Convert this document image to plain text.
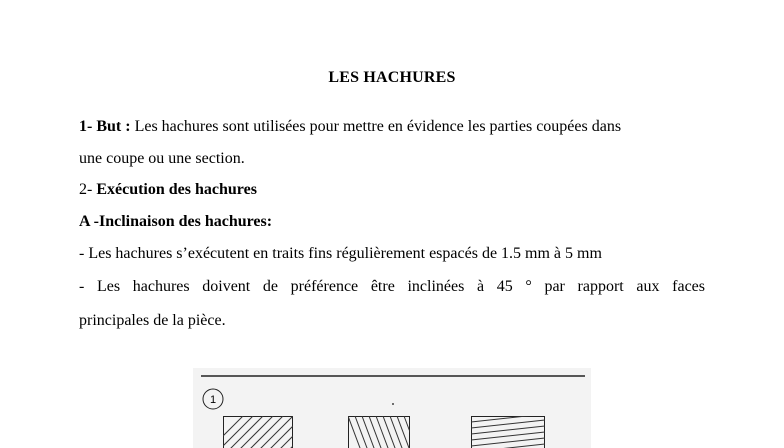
LES HACHURES
1- But : Les hachures sont utilisées pour mettre en évidence les parties coupées dans
une coupe ou une section.
2- Exécution des hachures
A -Inclinaison des hachures:
- Les hachures s’exécutent en traits fins régulièrement espacés de 1.5 mm à 5 mm
- Les hachures doivent de préférence être inclinées à 45 ° par rapport aux faces
principales de la pièce.
1
